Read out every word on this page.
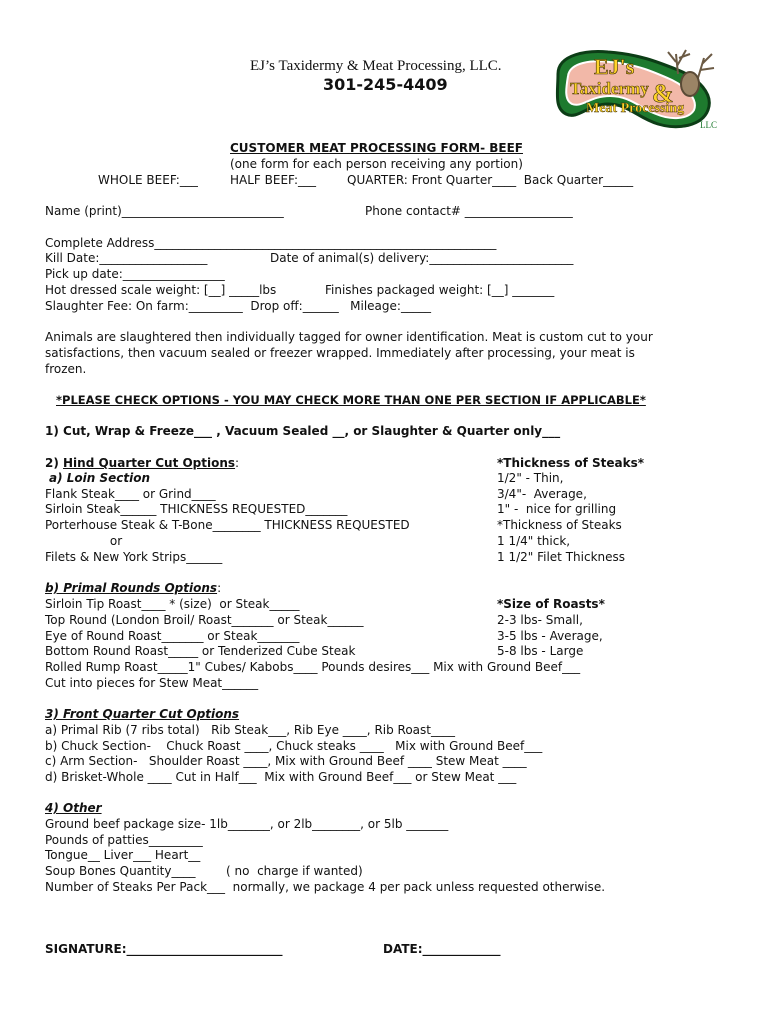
EJ’s Taxidermy & Meat Processing, LLC.
301-245-4409
EJ's
Taxidermy &
Meat Processing
LLC
CUSTOMER MEAT PROCESSING FORM- BEEF
(one form for each person receiving any portion)
WHOLE BEEF:___	HALF BEEF:___	QUARTER: Front Quarter____  Back Quarter_____
Name (print)___________________________	Phone contact# __________________
Complete Address_________________________________________________________
Kill Date:__________________	Date of animal(s) delivery:________________________
Pick up date:_________________
Hot dressed scale weight: [__] _____lbs	Finishes packaged weight: [__] _______
Slaughter Fee: On farm:_________  Drop off:______   Mileage:_____
Animals are slaughtered then individually tagged for owner identification. Meat is custom cut to your
satisfactions, then vacuum sealed or freezer wrapped. Immediately after processing, your meat is
frozen.
*PLEASE CHECK OPTIONS - YOU MAY CHECK MORE THAN ONE PER SECTION IF APPLICABLE*
1) Cut, Wrap & Freeze___ , Vacuum Sealed __, or Slaughter & Quarter only___
2) Hind Quarter Cut Options:
a) Loin Section
Flank Steak____ or Grind____
Sirloin Steak______ THICKNESS REQUESTED_______
Porterhouse Steak & T-Bone________ THICKNESS REQUESTED
or
Filets & New York Strips______
*Thickness of Steaks*
1/2" - Thin,
3/4"-  Average,
1" -  nice for grilling
*Thickness of Steaks
1 1/4" thick,
1 1/2" Filet Thickness
b) Primal Rounds Options:
Sirloin Tip Roast____ * (size)  or Steak_____
Top Round (London Broil/ Roast_______ or Steak______
Eye of Round Roast_______ or Steak_______
Bottom Round Roast_____ or Tenderized Cube Steak
Rolled Rump Roast_____1" Cubes/ Kabobs____ Pounds desires___ Mix with Ground Beef___
Cut into pieces for Stew Meat______
*Size of Roasts*
2-3 lbs- Small,
3-5 lbs - Average,
5-8 lbs - Large
3) Front Quarter Cut Options
a) Primal Rib (7 ribs total)   Rib Steak___, Rib Eye ____, Rib Roast____
b) Chuck Section-    Chuck Roast ____, Chuck steaks ____   Mix with Ground Beef___
c) Arm Section-   Shoulder Roast ____, Mix with Ground Beef ____ Stew Meat ____
d) Brisket-Whole ____ Cut in Half___  Mix with Ground Beef___ or Stew Meat ___
4) Other
Ground beef package size- 1lb_______, or 2lb________, or 5lb _______
Pounds of patties_________
Tongue__ Liver___ Heart__
Soup Bones Quantity____        ( no  charge if wanted)
Number of Steaks Per Pack___  normally, we package 4 per pack unless requested otherwise.
SIGNATURE:__________________________	DATE:_____________
